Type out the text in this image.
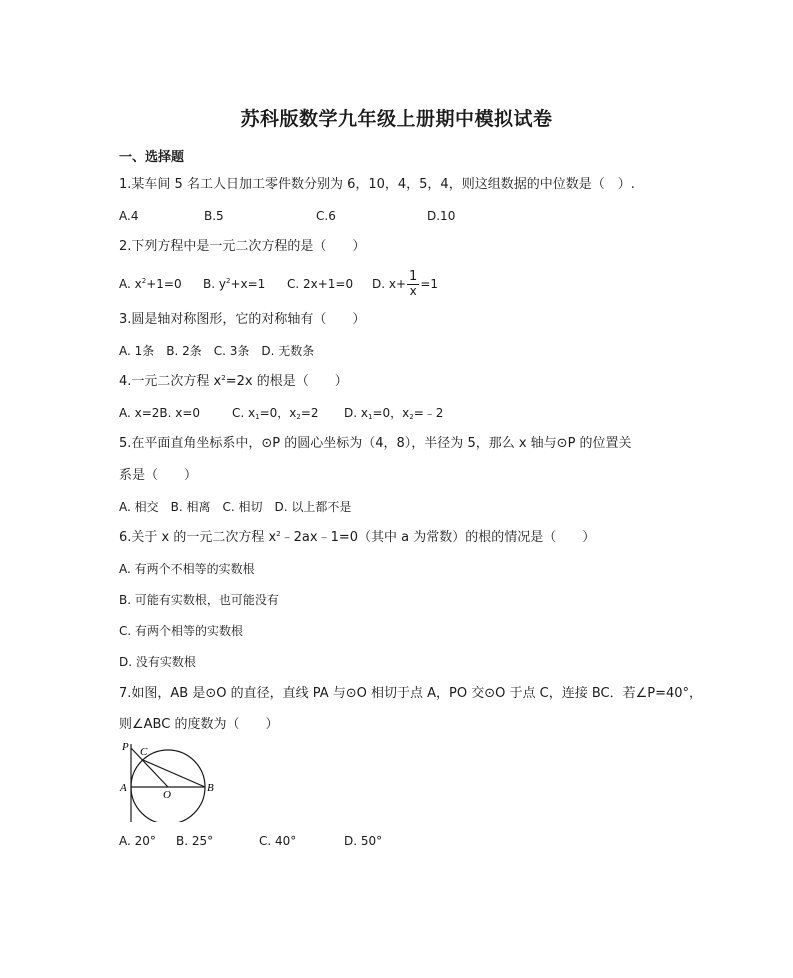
苏科版数学九年级上册期中模拟试卷
一、选择题
1.某车间 5 名工人日加工零件数分别为 6，10，4，5，4，则这组数据的中位数是（　）.
A.4	B.5	C.6	D.10
2.下列方程中是一元二次方程的是（　　）
A. $x^2+1=0$ B. $y^2+x=1$ C. 2x+1=0 D. $x+ \frac{1}{x} =1$
3.圆是轴对称图形，它的对称轴有（　　）
A. 1条　B. 2条　C. 3条　D. 无数条
4.一元二次方程 $x^2=2x$ 的根是（　　）
A. x=2B. x=0	C. $x_1=0$，$x_2=2$ D. $x_1=0$，$x_2=﹣2$
5.在平面直角坐标系中，⊙P 的圆心坐标为（4，8），半径为 5，那么 x 轴与⊙P 的位置关
系是（　　）
A. 相交　B. 相离　C. 相切　D. 以上都不是
6.关于 x 的一元二次方程 $x^2﹣2ax﹣1=0$（其中 a 为常数）的根的情况是（　　）
A. 有两个不相等的实数根
B. 可能有实数根，也可能没有
C. 有两个相等的实数根
D. 没有实数根
7.如图，AB 是⊙O 的直径，直线 PA 与⊙O 相切于点 A，PO 交⊙O 于点 C，连接 BC．若∠P=40°，
则∠ABC 的度数为（　　）
P C
A
O
B
A. 20° B. 25°	C. 40°	D. 50°
